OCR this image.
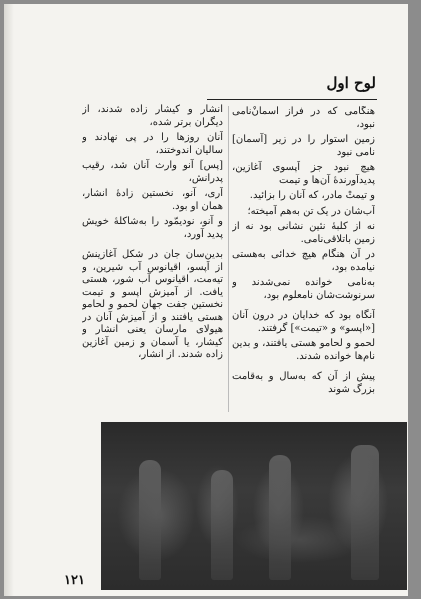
لوح اول

هنگامی که در فراز آسمان‌ْ‌نامی نبود،

زمین استوار را در زیر [آسمان] نامی نبود

هیچ نبود جز اَپسوی آغازین، پدیدآورندهٔ آن‌ها و تیمت

و تیمتْ مادر، که آنان را بزائید.

آب‌شان در یک تن به‌هم آمیخته؛

نه از کلبهٔ نئین نشانی بود نه از زمین باتلاقی‌نامی.

در آن هنگام هیچ خدائی به‌هستی نیامده بود،

به‌نامی خوانده نمی‌شدند و سرنوشت‌شان نامعلوم بود،

آنگاه بود که خدایان در درون آنان [«اپسو» و «تیمت»] گرفتند.

لحمو و لحامو هستی یافتند، و بدین نام‌ها خوانده شدند.

پیش از آن که به‌سال و به‌قامت بزرگ شوند

انشار و کیشار زاده شدند، از دیگران برتر شده،

آنان روزها را در پی نهادند و سالیان اندوختند،

[پس] آنو وارث آنان شد، رقیب پدرانش،

آری، آنو، نخستین زادهٔ انشار، همان او بود.

و آنو، نودیمّود را به‌شاکلهٔ خویش پدید آورد،

بدین‌سان جان در شکل آغازینش از اَپسو، اقیانوس آب شیرین، و تیه‌مت، اقیانوس آب شور، هستی یافت. از آمیزش اپسو و تیمت نخستین جفت جهان لحمو و لحامو هستی یافتند و از آمیزش آنان در هیولای مارسان یعنی انشار و کیشار، یا آسمان و زمین آغازین زاده شدند. از انشار،

۱۲۱
